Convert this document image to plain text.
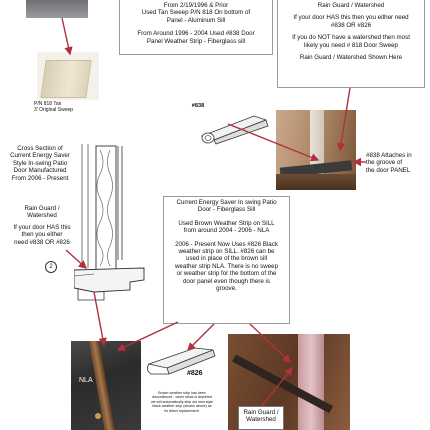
P/N 818 Tan
3' Original Sweep
From 2/19/1996 & Prior
Used Tan Sweep P/N 818 On bottom of
Panel - Aluminum Sill
From Around 1996 - 2004 Used #838 Door
Panel Weather Strip - Fiberglass sill
Rain Guard / Watershed
If your door HAS this then you either need
#838 OR #826
If you do NOT have a watershed then most
likely you need # 818 Door Sweep
Rain Guard / Watershed Shown Here
#838
#838 Attaches in
the groove of
the door PANEL
Cross Section of
Current Energy Saver
Style In-swing Patio
Door Manufactured
From 2006 - Present
Rain Guard /
Watershed
If your door HAS this
then you either
need #838 OR #826
2
Current Energy Saver In swing Patio
Door - Fiberglass Sill
Used Brown Weather Strip on SILL
from around 2004 - 2006 - NLA
2006 - Present Now Uses #826 Black
weather strip on SILL. #826 can be
used in place of the brown sill
weather strip NLA. There is no sweep
or weather strip for the bottom of the
door panel even though there is
groove.
NLA
#826
Brown weather strip has been
discontinued - when stock is depleted
we will automatically ship out new style
black weather strip (shown above) as
its direct replacement.	Rain Guard /
Watershed
